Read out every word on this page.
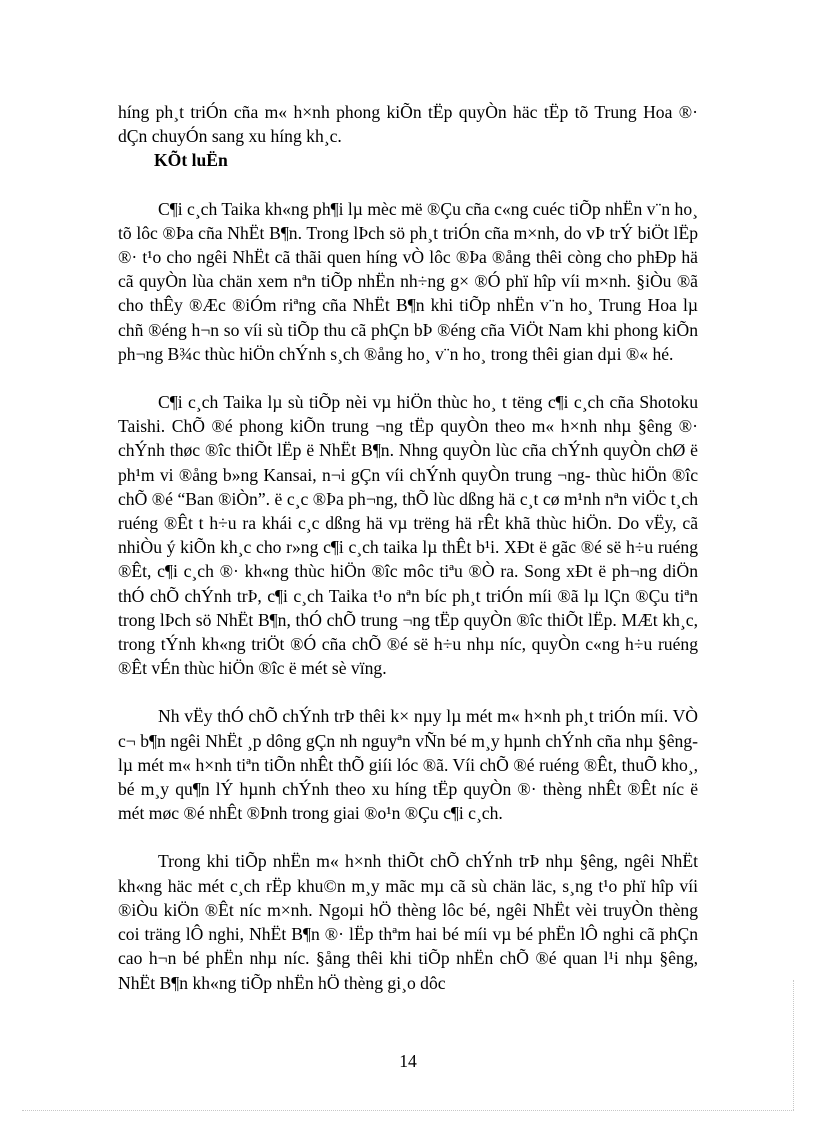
híng ph¸t triÓn cña m« h×nh phong kiÕn tËp quyÒn häc tËp tõ Trung Hoa ®· dÇn chuyÓn sang xu híng kh¸c.

KÕt luËn

C¶i c¸ch Taika kh«ng ph¶i lµ mèc më ®Çu cña c«ng cuéc tiÕp nhËn v¨n ho¸ tõ lôc ®Þa cña NhËt B¶n. Trong lÞch sö ph¸t triÓn cña m×nh, do vÞ trÝ biÖt lËp ®· t¹o cho ngêi NhËt cã thãi quen híng vÒ lôc ®Þa ®ång thêi còng cho phÐp hä cã quyÒn lùa chän xem nªn tiÕp nhËn nh÷ng g× ®Ó phï hîp víi m×nh. §iÒu ®ã cho thÊy ®Æc ®iÓm riªng cña NhËt B¶n khi tiÕp nhËn v¨n ho¸ Trung Hoa lµ chñ ®éng h¬n so víi sù tiÕp thu cã phÇn bÞ ®éng cña ViÖt Nam khi phong kiÕn ph¬ng B¾c thùc hiÖn chÝnh s¸ch ®ång ho¸ v¨n ho¸ trong thêi gian dµi ®« hé.

C¶i c¸ch Taika lµ sù tiÕp nèi vµ hiÖn thùc ho¸ t tëng c¶i c¸ch cña Shotoku Taishi. ChÕ ®é phong kiÕn trung ¬ng tËp quyÒn theo m« h×nh nhµ §êng ®· chÝnh thøc ®îc thiÕt lËp ë NhËt B¶n. Nhng quyÒn lùc cña chÝnh quyÒn chØ ë ph¹m vi ®ång b»ng Kansai, n¬i gÇn víi chÝnh quyÒn trung ¬ng- thùc hiÖn ®îc chÕ ®é “Ban ®iÒn”. ë c¸c ®Þa ph¬ng, thÕ lùc dßng hä c¸t cø m¹nh nªn viÖc t¸ch ruéng ®Êt t h÷u ra khái c¸c dßng hä vµ trëng hä rÊt khã thùc hiÖn. Do vËy, cã nhiÒu ý kiÕn kh¸c cho r»ng c¶i c¸ch taika lµ thÊt b¹i. XÐt ë gãc ®é së h÷u ruéng ®Êt, c¶i c¸ch ®· kh«ng thùc hiÖn ®îc môc tiªu ®Ò ra. Song xÐt ë ph¬ng diÖn thÓ chÕ chÝnh trÞ, c¶i c¸ch Taika t¹o nªn bíc ph¸t triÓn míi ®ã lµ lÇn ®Çu tiªn trong lÞch sö NhËt B¶n, thÓ chÕ trung ¬ng tËp quyÒn ®îc thiÕt lËp. MÆt kh¸c, trong tÝnh kh«ng triÖt ®Ó cña chÕ ®é së h÷u nhµ níc, quyÒn c«ng h÷u ruéng ®Êt vÉn thùc hiÖn ®îc ë mét sè vïng.

Nh vËy thÓ chÕ chÝnh trÞ thêi k× nµy lµ mét m« h×nh ph¸t triÓn míi. VÒ c¬ b¶n ngêi NhËt ¸p dông gÇn nh nguyªn vÑn bé m¸y hµnh chÝnh cña nhµ §êng- lµ mét m« h×nh tiªn tiÕn nhÊt thÕ giíi lóc ®ã. Víi chÕ ®é ruéng ®Êt, thuÕ kho¸, bé m¸y qu¶n lÝ hµnh chÝnh theo xu híng tËp quyÒn ®· thèng nhÊt ®Êt níc ë mét møc ®é nhÊt ®Þnh trong giai ®o¹n ®Çu c¶i c¸ch.

Trong khi tiÕp nhËn m« h×nh thiÕt chÕ chÝnh trÞ nhµ §êng, ngêi NhËt kh«ng häc mét c¸ch rËp khu©n m¸y mãc mµ cã sù chän läc, s¸ng t¹o phï hîp víi ®iÒu kiÖn ®Êt níc m×nh. Ngoµi hÖ thèng lôc bé, ngêi NhËt vèi truyÒn thèng coi träng lÔ nghi, NhËt B¶n ®· lËp thªm hai bé míi vµ bé phËn lÔ nghi cã phÇn cao h¬n bé phËn nhµ níc. §ång thêi khi tiÕp nhËn chÕ ®é quan l¹i nhµ §êng, NhËt B¶n kh«ng tiÕp nhËn hÖ thèng gi¸o dôc

14
